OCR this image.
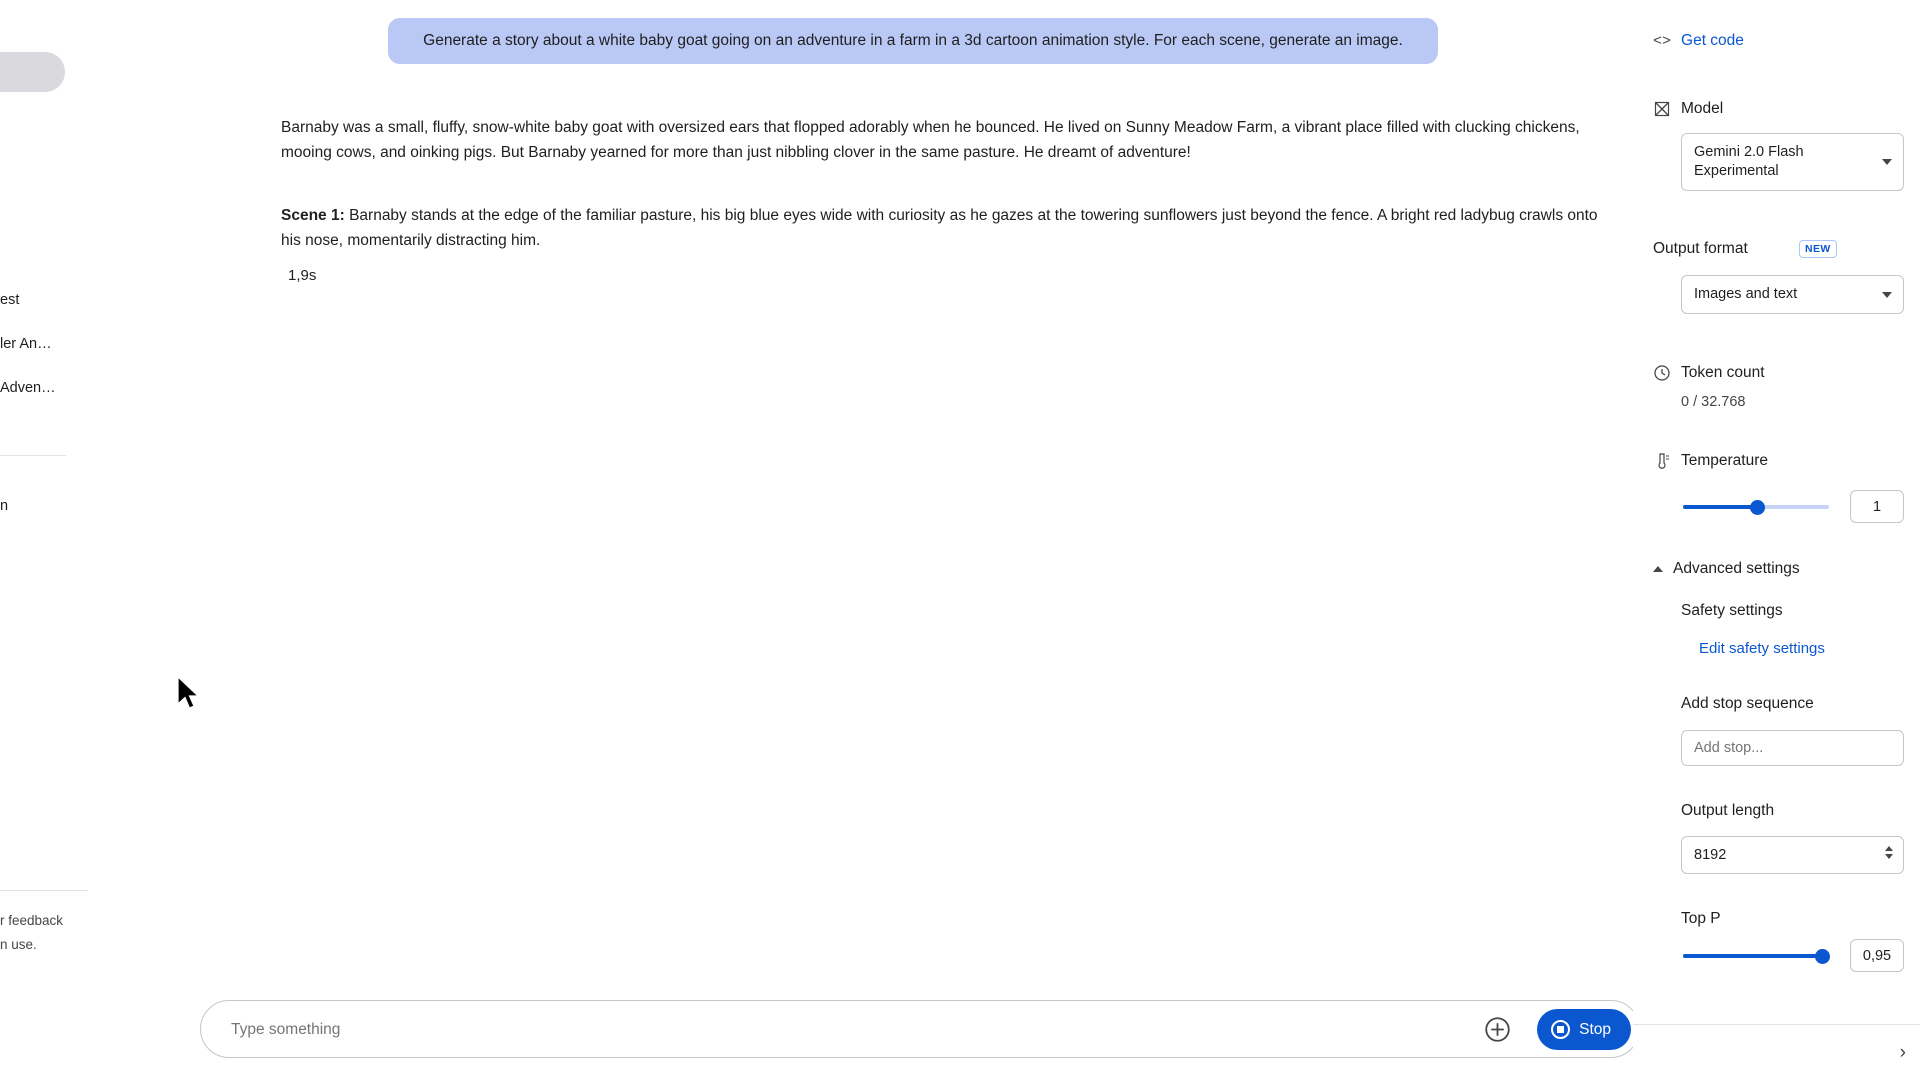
est
ler An…
Adven…
n
r feedback
n use.
Generate a story about a white baby goat going on an adventure in a farm in a 3d cartoon animation style. For each scene, generate an image.
Barnaby was a small, fluffy, snow-white baby goat with oversized ears that flopped adorably when he bounced. He lived on Sunny Meadow Farm, a vibrant place filled with clucking chickens, mooing cows, and oinking pigs. But Barnaby yearned for more than just nibbling clover in the same pasture. He dreamt of adventure!
Scene 1: Barnaby stands at the edge of the familiar pasture, his big blue eyes wide with curiosity as he gazes at the towering sunflowers just beyond the fence. A bright red ladybug crawls onto his nose, momentarily distracting him.
1,9s
Type something
Stop
<> Get code
Model
Gemini 2.0 Flash Experimental
Output format	NEW
Images and text
Token count
0 / 32.768
Temperature
1
Advanced settings
Safety settings
Edit safety settings
Add stop sequence
Add stop...
Output length
8192
Top P
0,95
›
